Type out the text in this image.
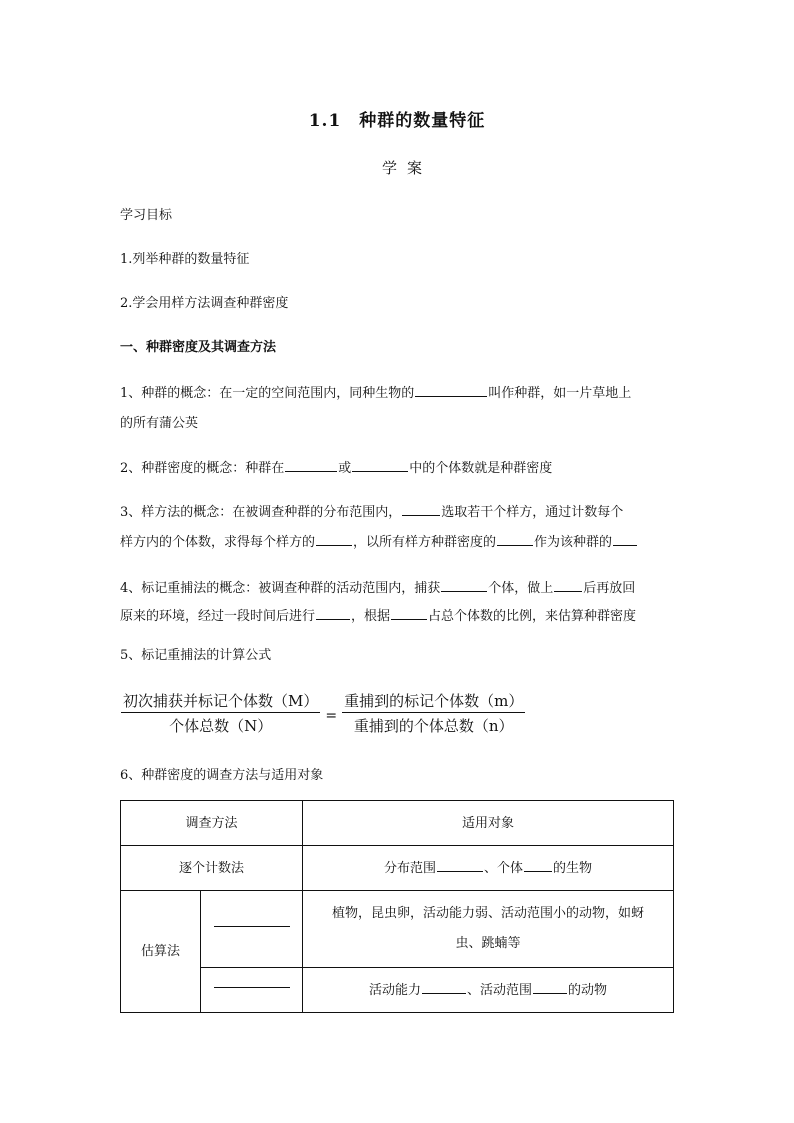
1.1　种群的数量特征
学案
学习目标
1.列举种群的数量特征
2.学会用样方法调查种群密度
一、种群密度及其调查方法
1、种群的概念：在一定的空间范围内，同种生物的	叫作种群，如一片草地上
的所有蒲公英
2、种群密度的概念：种群在	或	中的个体数就是种群密度
3、样方法的概念：在被调查种群的分布范围内，	选取若干个样方，通过计数每个
样方内的个体数，求得每个样方的	，以所有样方种群密度的	作为该种群的
4、标记重捕法的概念：被调查种群的活动范围内，捕获	个体，做上 后再放回
原来的环境，经过一段时间后进行	，根据	占总个体数的比例，来估算种群密度
5、标记重捕法的计算公式
$\frac{\text{初次捕获并标记个体数（M）}}{\text{个体总数（N）}} = \frac{\text{重捕到的标记个体数（m）}}{\text{重捕到的个体总数（n）}}$
6、种群密度的调查方法与适用对象
调查方法		适用对象
逐个计数法		分布范围 、个体 的生物
估算法		植物，昆虫卵，活动能力弱、活动范围小的动物，如蚜
虫、跳蝻等

		活动能力 、活动范围 的动物
